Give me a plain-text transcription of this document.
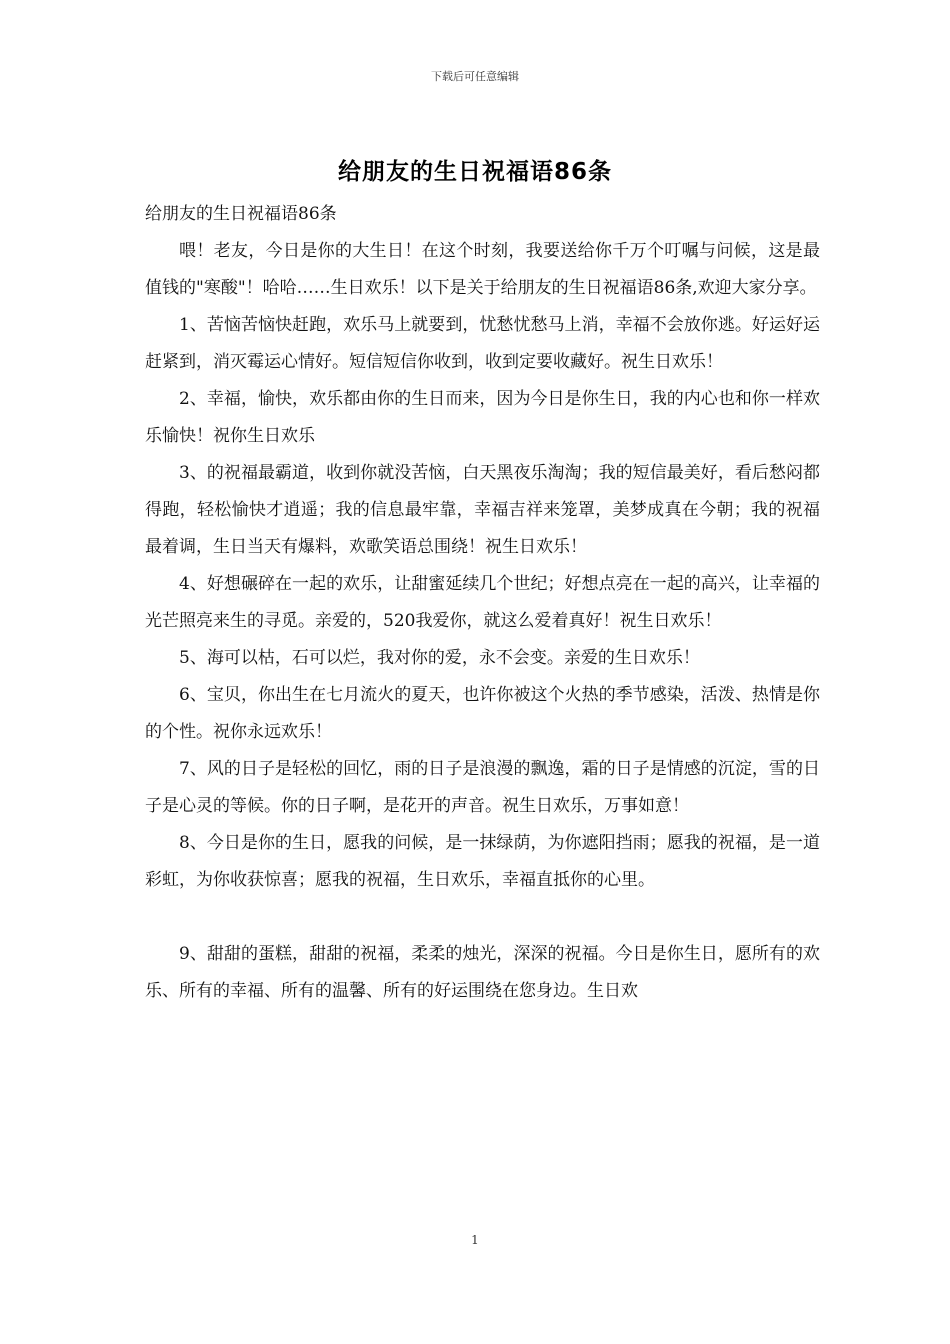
下载后可任意编辑
给朋友的生日祝福语86条

给朋友的生日祝福语86条

喂！老友，今日是你的大生日！在这个时刻，我要送给你千万个叮嘱与问候，这是最值钱的"寒酸"！哈哈……生日欢乐！以下是关于给朋友的生日祝福语86条,欢迎大家分享。

1、苦恼苦恼快赶跑，欢乐马上就要到，忧愁忧愁马上消，幸福不会放你逃。好运好运赶紧到，消灭霉运心情好。短信短信你收到，收到定要收藏好。祝生日欢乐！

2、幸福，愉快，欢乐都由你的生日而来，因为今日是你生日，我的内心也和你一样欢乐愉快！祝你生日欢乐

3、的祝福最霸道，收到你就没苦恼，白天黑夜乐淘淘；我的短信最美好，看后愁闷都得跑，轻松愉快才逍遥；我的信息最牢靠，幸福吉祥来笼罩，美梦成真在今朝；我的祝福最着调，生日当天有爆料，欢歌笑语总围绕！祝生日欢乐！

4、好想碾碎在一起的欢乐，让甜蜜延续几个世纪；好想点亮在一起的高兴，让幸福的光芒照亮来生的寻觅。亲爱的，520我爱你，就这么爱着真好！祝生日欢乐！

5、海可以枯，石可以烂，我对你的爱，永不会变。亲爱的生日欢乐！

6、宝贝，你出生在七月流火的夏天，也许你被这个火热的季节感染，活泼、热情是你的个性。祝你永远欢乐！

7、风的日子是轻松的回忆，雨的日子是浪漫的飘逸，霜的日子是情感的沉淀，雪的日子是心灵的等候。你的日子啊，是花开的声音。祝生日欢乐，万事如意！

8、今日是你的生日，愿我的问候，是一抹绿荫，为你遮阳挡雨；愿我的祝福，是一道彩虹，为你收获惊喜；愿我的祝福，生日欢乐，幸福直抵你的心里。

9、甜甜的蛋糕，甜甜的祝福，柔柔的烛光，深深的祝福。今日是你生日，愿所有的欢乐、所有的幸福、所有的温馨、所有的好运围绕在您身边。生日欢

1
